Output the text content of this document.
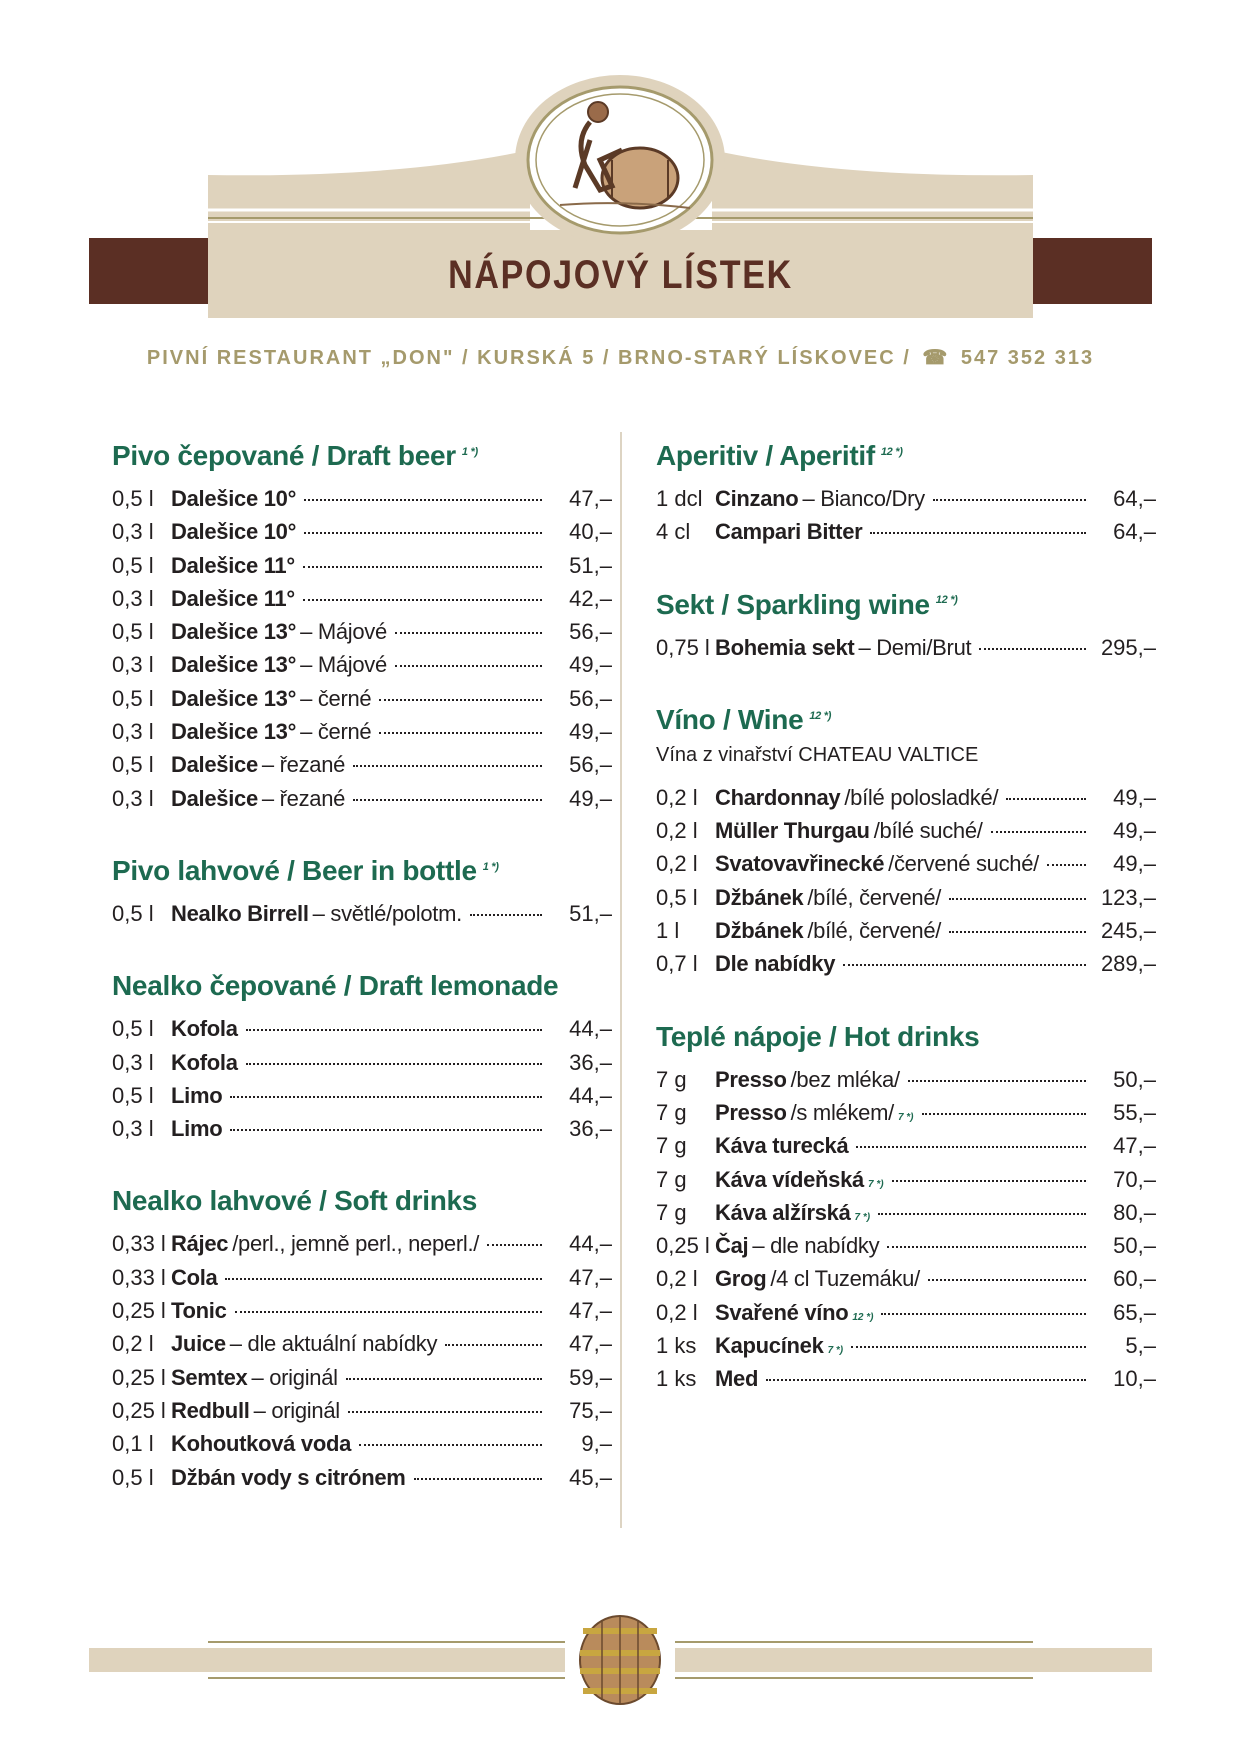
NÁPOJOVÝ LÍSTEK
PIVNÍ RESTAURANT „DON" / KURSKÁ 5 / BRNO-STARÝ LÍSKOVEC / ☎ 547 352 313
Pivo čepované / Draft beer $^{1 *)}$
0,5 l Dalešice 10°	47,–
0,3 l Dalešice 10°	40,–
0,5 l Dalešice 11°	51,–
0,3 l Dalešice 11°	42,–
0,5 l Dalešice 13° – Májové	56,–
0,3 l Dalešice 13° – Májové	49,–
0,5 l Dalešice 13° – černé	56,–
0,3 l Dalešice 13° – černé	49,–
0,5 l Dalešice – řezané	56,–
0,3 l Dalešice – řezané	49,–
Pivo lahvové / Beer in bottle $^{1 *)}$
0,5 l Nealko Birrell – světlé/polotm.	51,–
Nealko čepované / Draft lemonade
0,5 l Kofola	44,–
0,3 l Kofola	36,–
0,5 l Limo	44,–
0,3 l Limo	36,–
Nealko lahvové / Soft drinks
0,33 l Rájec /perl., jemně perl., neperl./	44,–
0,33 l Cola	47,–
0,25 l Tonic	47,–
0,2 l Juice – dle aktuální nabídky	47,–
0,25 l Semtex – originál	59,–
0,25 l Redbull – originál	75,–
0,1 l Kohoutková voda	9,–
0,5 l Džbán vody s citrónem	45,–
Aperitiv / Aperitif $^{12 *)}$
1 dcl Cinzano – Bianco/Dry	64,–
4 cl	Campari Bitter	64,–
Sekt / Sparkling wine $^{12 *)}$
0,75 l Bohemia sekt – Demi/Brut	295,–
Víno / Wine $^{12 *)}$
Vína z vinařství CHATEAU VALTICE
0,2 l Chardonnay /bílé polosladké/	49,–
0,2 l Müller Thurgau /bílé suché/	49,–
0,2 l Svatovavřinecké /červené suché/	49,–
0,5 l Džbánek /bílé, červené/	123,–
1 l	Džbánek /bílé, červené/	245,–
0,7 l Dle nabídky	289,–
Teplé nápoje / Hot drinks
7 g	Presso /bez mléka/	50,–
7 g	Presso /s mlékem/ 7 *)	55,–
7 g	Káva turecká	47,–
7 g	Káva vídeňská 7 *)	70,–
7 g	Káva alžírská 7 *)	80,–
0,25 l Čaj – dle nabídky	50,–
0,2 l Grog /4 cl Tuzemáku/	60,–
0,2 l Svařené víno 12 *)	65,–
1 ks Kapucínek 7 *)	5,–
1 ks Med	10,–
